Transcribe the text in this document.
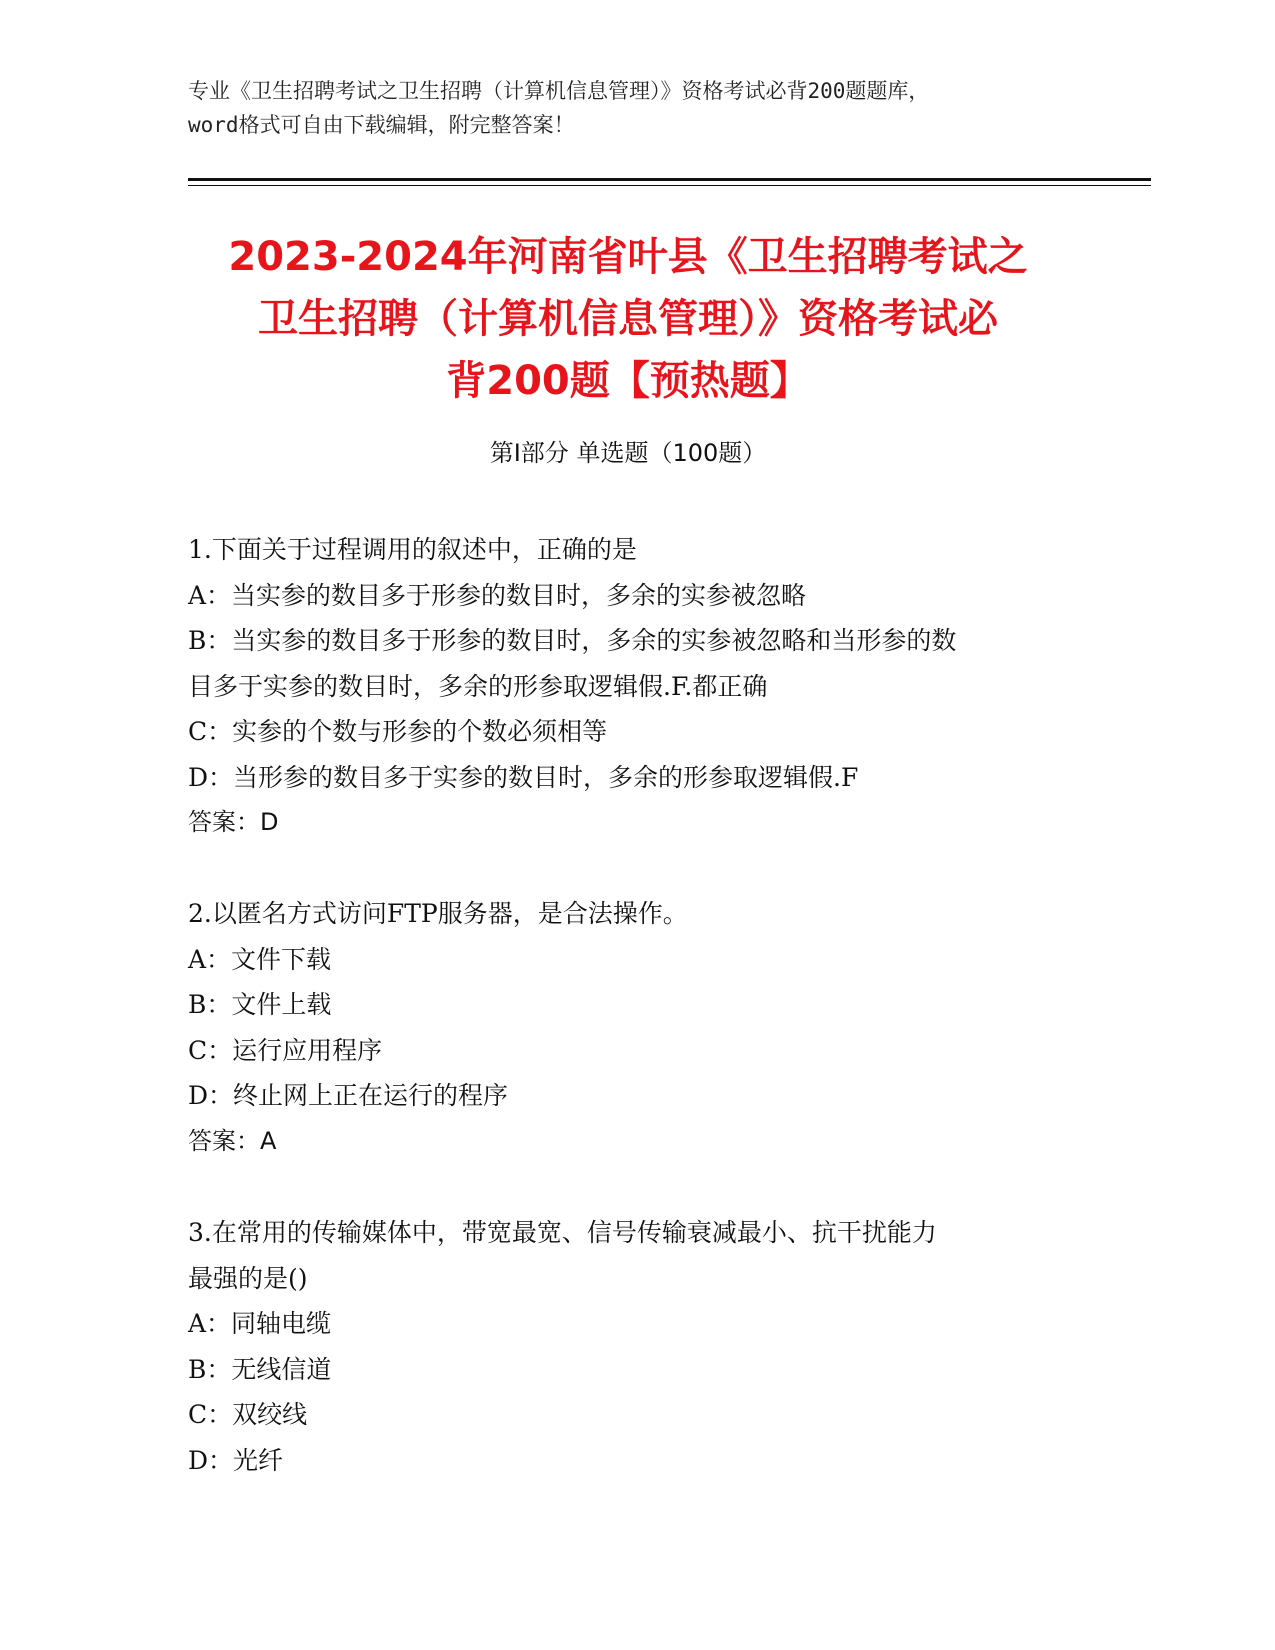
专业《卫生招聘考试之卫生招聘（计算机信息管理）》资格考试必背200题题库，
word格式可自由下载编辑，附完整答案！
2023-2024年河南省叶县《卫生招聘考试之
卫生招聘（计算机信息管理）》资格考试必
背200题【预热题】
第Ⅰ部分 单选题（100题）
1.下面关于过程调用的叙述中，正确的是
A：当实参的数目多于形参的数目时，多余的实参被忽略
B：当实参的数目多于形参的数目时，多余的实参被忽略和当形参的数
目多于实参的数目时，多余的形参取逻辑假.F.都正确
C：实参的个数与形参的个数必须相等
D：当形参的数目多于实参的数目时，多余的形参取逻辑假.F
答案：D
2.以匿名方式访问FTP服务器，是合法操作。
A：文件下载
B：文件上载
C：运行应用程序
D：终止网上正在运行的程序
答案：A
3.在常用的传输媒体中，带宽最宽、信号传输衰减最小、抗干扰能力
最强的是()
A：同轴电缆
B：无线信道
C：双绞线
D：光纤
